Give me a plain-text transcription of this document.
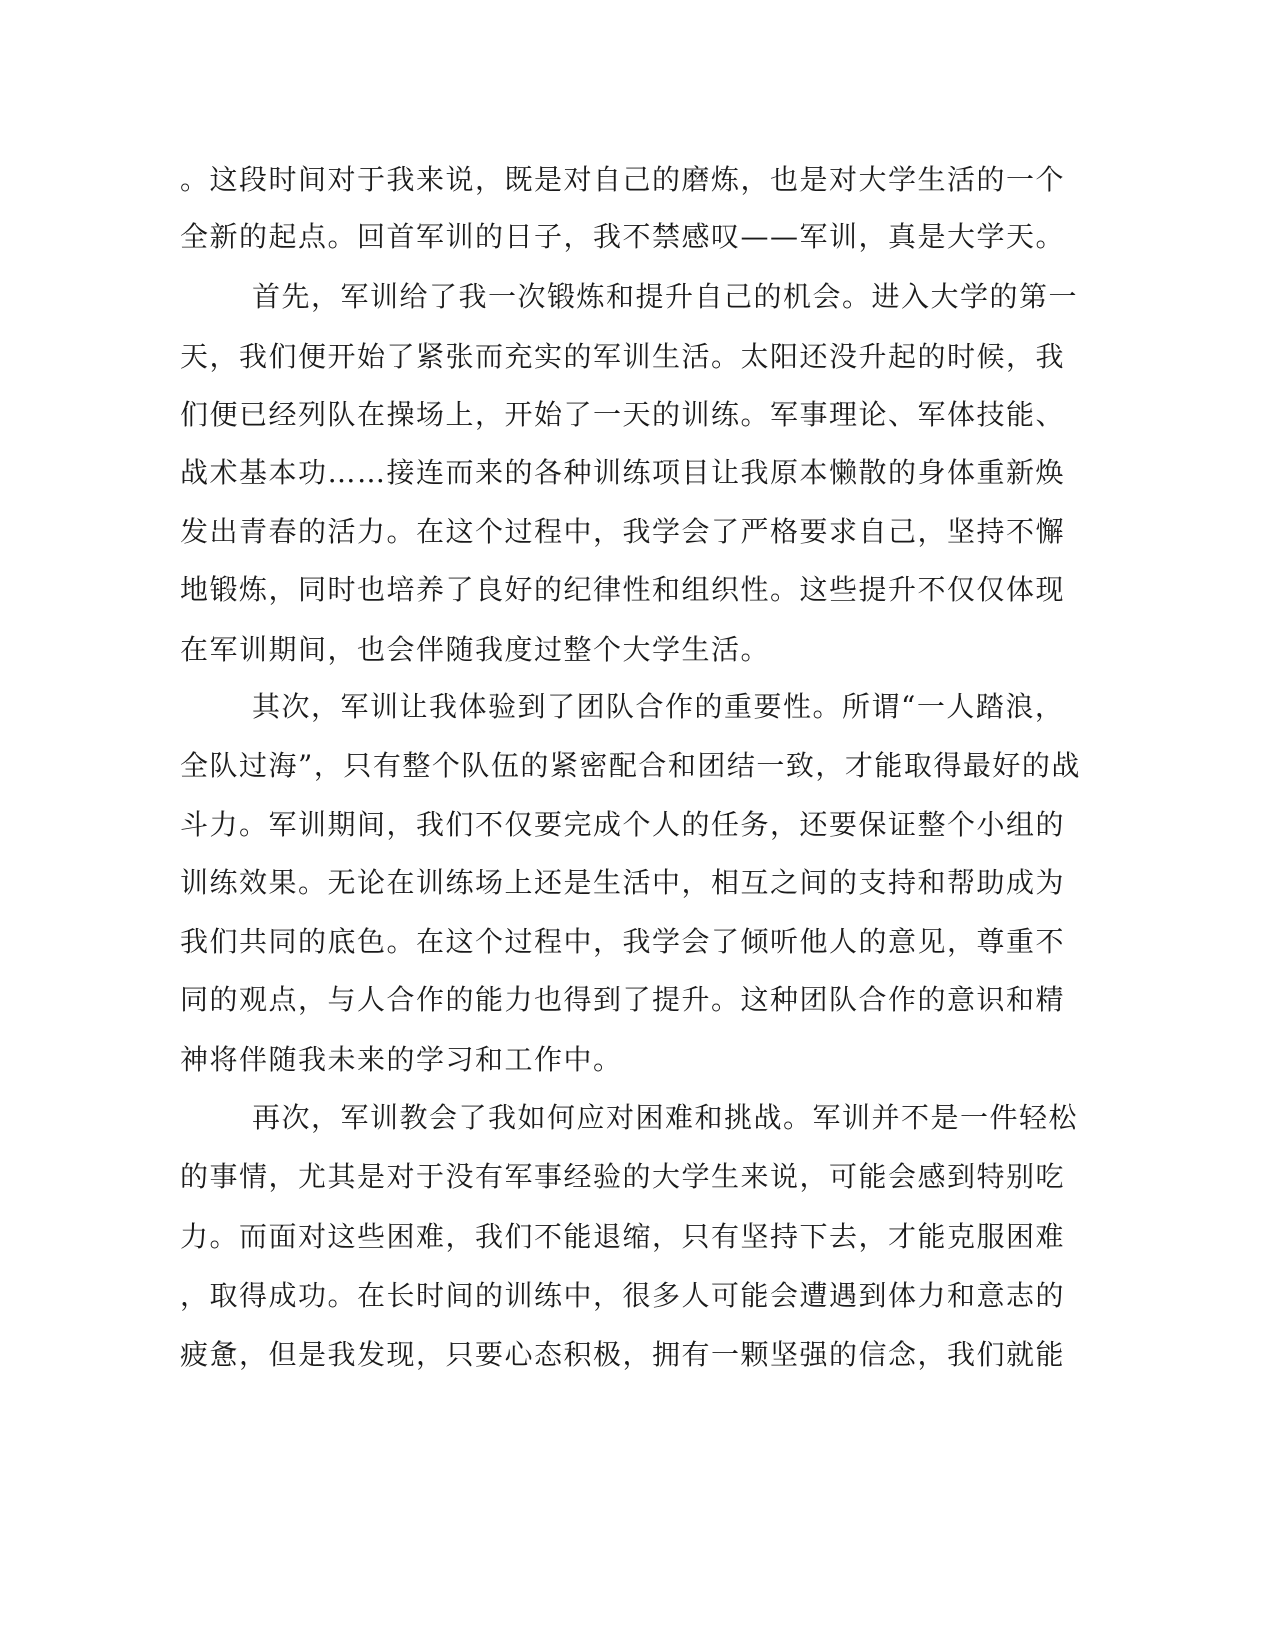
。这段时间对于我来说，既是对自己的磨炼，也是对大学生活的一个
全新的起点。回首军训的日子，我不禁感叹——军训，真是大学天。
首先，军训给了我一次锻炼和提升自己的机会。进入大学的第一
天，我们便开始了紧张而充实的军训生活。太阳还没升起的时候，我
们便已经列队在操场上，开始了一天的训练。军事理论、军体技能、
战术基本功……接连而来的各种训练项目让我原本懒散的身体重新焕
发出青春的活力。在这个过程中，我学会了严格要求自己，坚持不懈
地锻炼，同时也培养了良好的纪律性和组织性。这些提升不仅仅体现
在军训期间，也会伴随我度过整个大学生活。
其次，军训让我体验到了团队合作的重要性。所谓“一人踏浪，
全队过海”，只有整个队伍的紧密配合和团结一致，才能取得最好的战
斗力。军训期间，我们不仅要完成个人的任务，还要保证整个小组的
训练效果。无论在训练场上还是生活中，相互之间的支持和帮助成为
我们共同的底色。在这个过程中，我学会了倾听他人的意见，尊重不
同的观点，与人合作的能力也得到了提升。这种团队合作的意识和精
神将伴随我未来的学习和工作中。
再次，军训教会了我如何应对困难和挑战。军训并不是一件轻松
的事情，尤其是对于没有军事经验的大学生来说，可能会感到特别吃
力。而面对这些困难，我们不能退缩，只有坚持下去，才能克服困难
，取得成功。在长时间的训练中，很多人可能会遭遇到体力和意志的
疲惫，但是我发现，只要心态积极，拥有一颗坚强的信念，我们就能
